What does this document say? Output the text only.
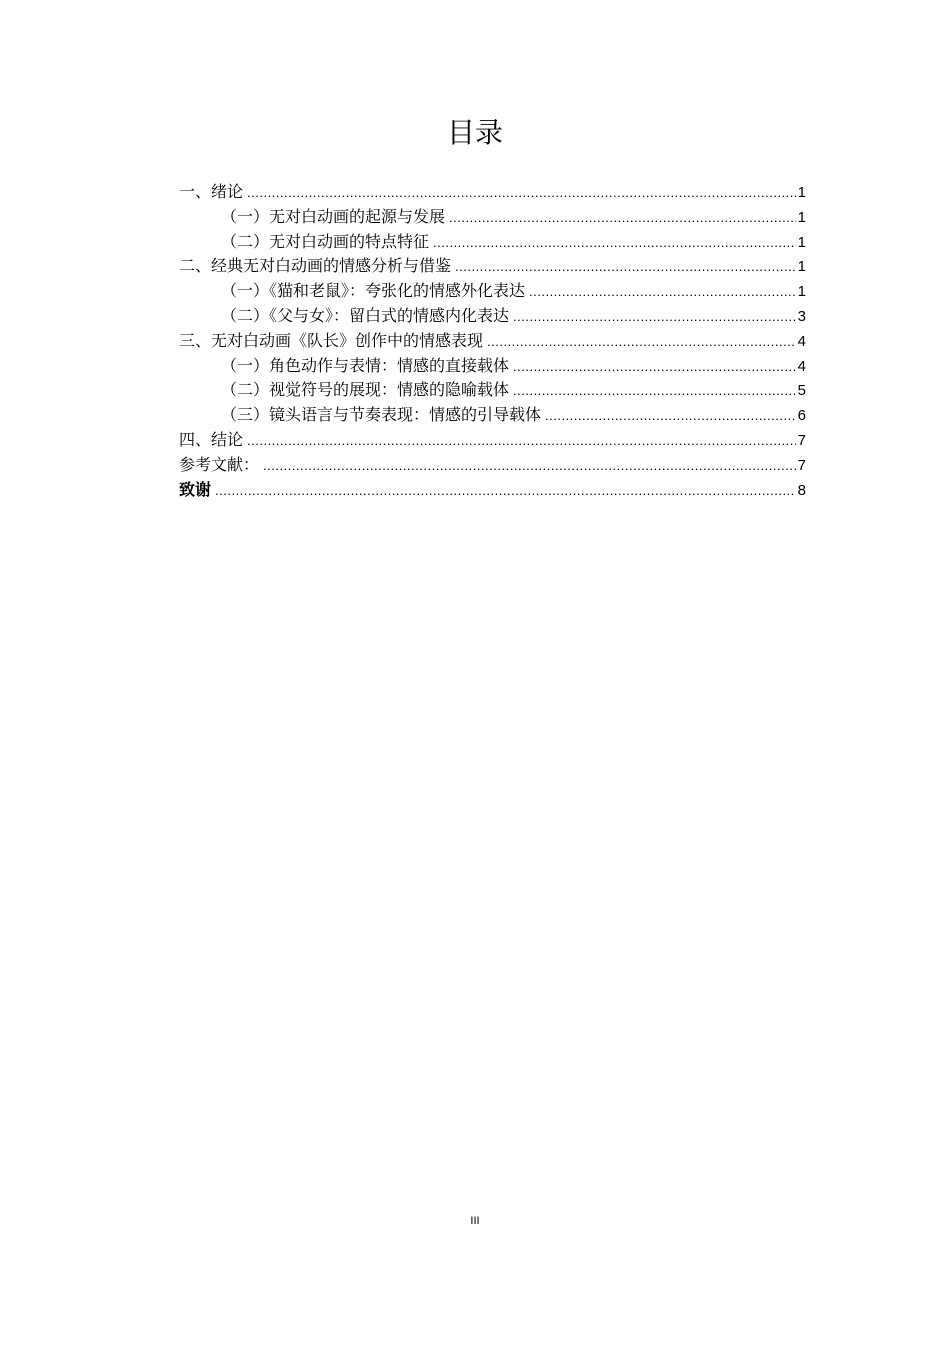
目录
一、绪论 .....	1
（一）无对白动画的起源与发展 .....	1
（二）无对白动画的特点特征 .....	1
二、经典无对白动画的情感分析与借鉴 .....	1
（一）《猫和老鼠》：夸张化的情感外化表达 .....	1
（二）《父与女》：留白式的情感内化表达 .....	3
三、无对白动画《队长》创作中的情感表现 .....	4
（一）角色动作与表情：情感的直接载体 .....	4
（二）视觉符号的展现：情感的隐喻载体 .....	5
（三）镜头语言与节奏表现：情感的引导载体 .....	6
四、结论 .....	7
参考文献： .....	7
致谢 .....	8
III
